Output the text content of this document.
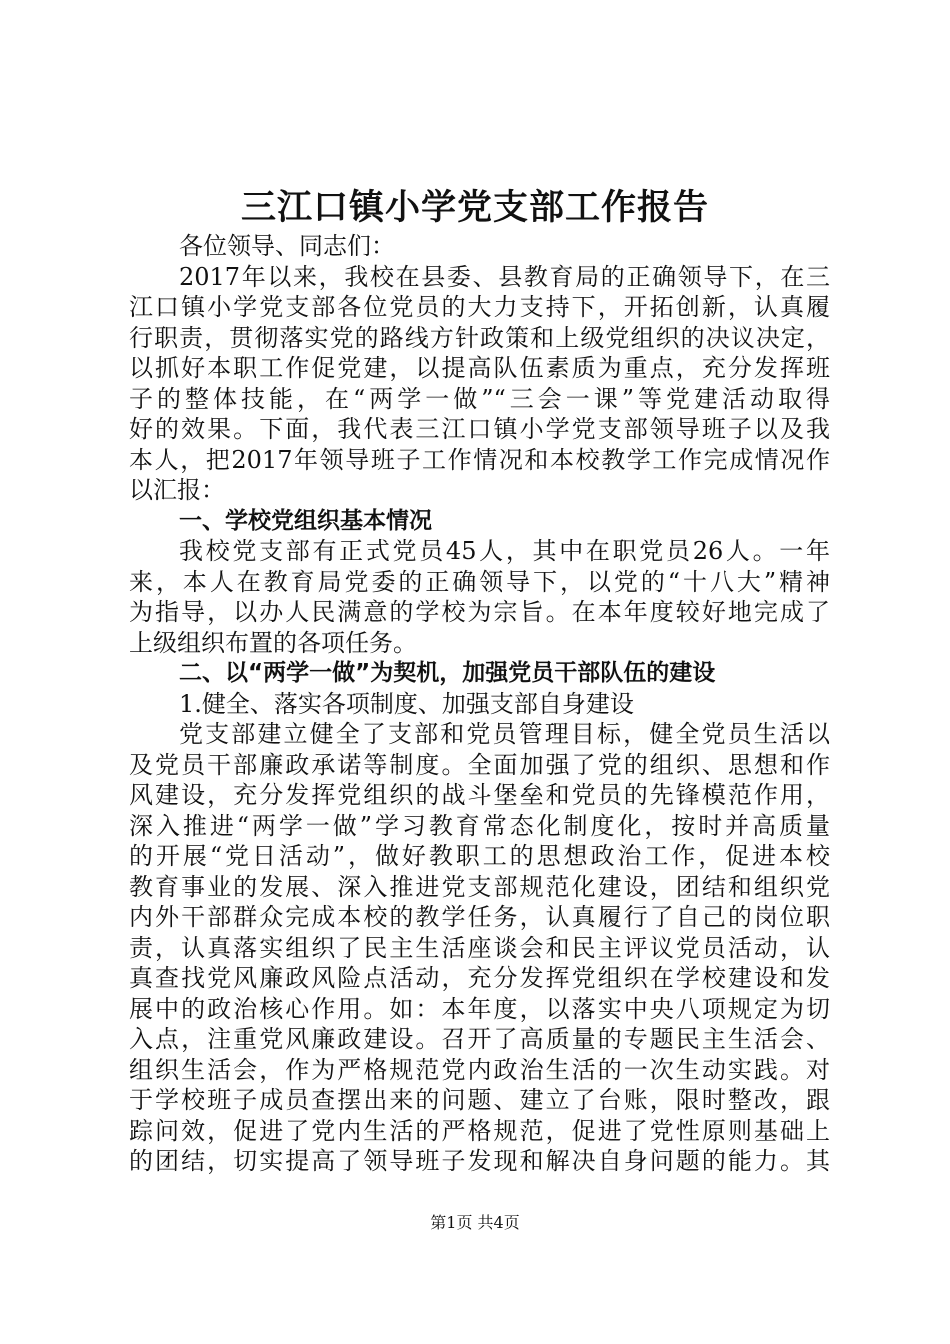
三江口镇小学党支部工作报告
各位领导、同志们：
2017年以来，我校在县委、县教育局的正确领导下，在三
江口镇小学党支部各位党员的大力支持下，开拓创新，认真履
行职责，贯彻落实党的路线方针政策和上级党组织的决议决定，
以抓好本职工作促党建，以提高队伍素质为重点，充分发挥班
子的整体技能，在“两学一做”“三会一课”等党建活动取得
好的效果。下面，我代表三江口镇小学党支部领导班子以及我
本人，把2017年领导班子工作情况和本校教学工作完成情况作
以汇报：
一、学校党组织基本情况
我校党支部有正式党员45人，其中在职党员26人。一年
来，本人在教育局党委的正确领导下，以党的“十八大”精神
为指导，以办人民满意的学校为宗旨。在本年度较好地完成了
上级组织布置的各项任务。
二、以“两学一做”为契机，加强党员干部队伍的建设
1.健全、落实各项制度、加强支部自身建设
党支部建立健全了支部和党员管理目标，健全党员生活以
及党员干部廉政承诺等制度。全面加强了党的组织、思想和作
风建设，充分发挥党组织的战斗堡垒和党员的先锋模范作用，
深入推进“两学一做”学习教育常态化制度化，按时并高质量
的开展“党日活动”，做好教职工的思想政治工作，促进本校
教育事业的发展、深入推进党支部规范化建设，团结和组织党
内外干部群众完成本校的教学任务，认真履行了自己的岗位职
责，认真落实组织了民主生活座谈会和民主评议党员活动，认
真查找党风廉政风险点活动，充分发挥党组织在学校建设和发
展中的政治核心作用。如：本年度，以落实中央八项规定为切
入点，注重党风廉政建设。召开了高质量的专题民主生活会、
组织生活会，作为严格规范党内政治生活的一次生动实践。对
于学校班子成员查摆出来的问题、建立了台账，限时整改，跟
踪问效，促进了党内生活的严格规范，促进了党性原则基础上
的团结，切实提高了领导班子发现和解决自身问题的能力。其
第1页 共4页
